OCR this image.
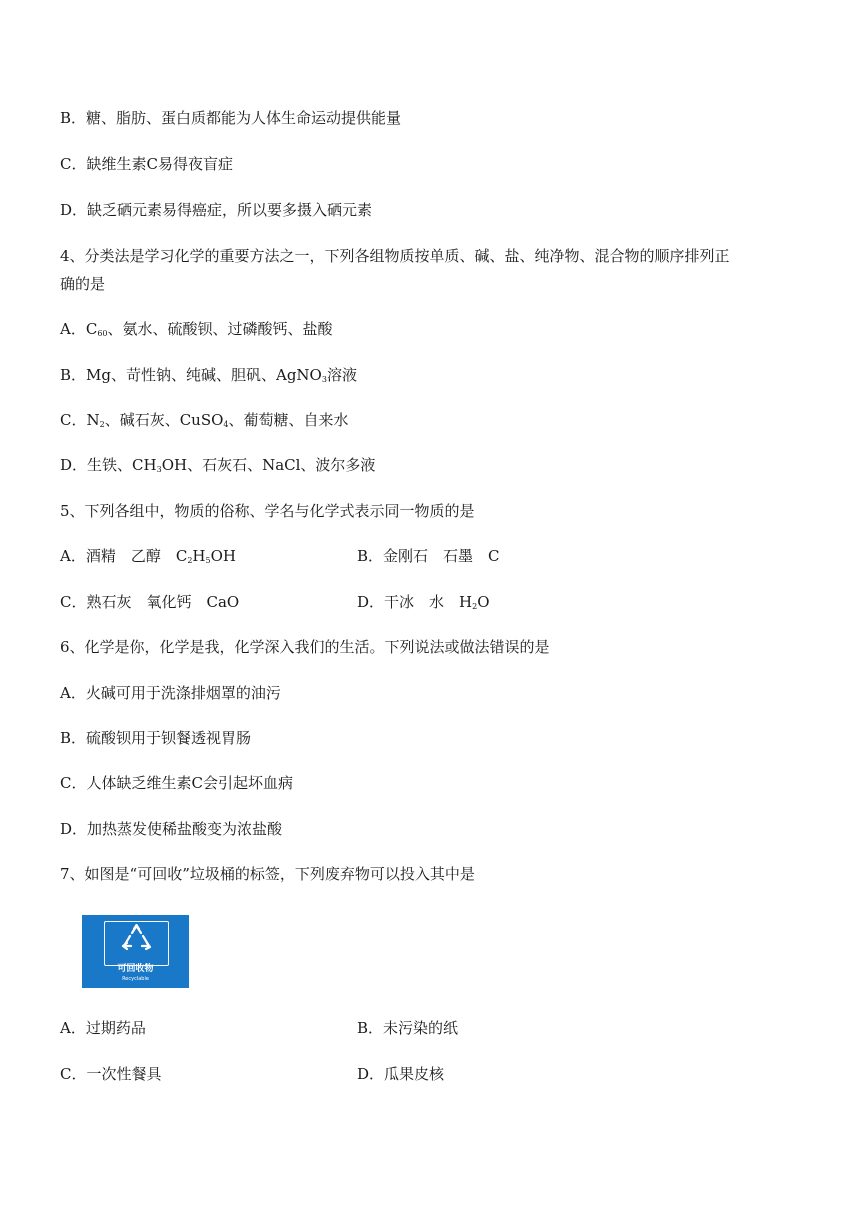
B．糖、脂肪、蛋白质都能为人体生命运动提供能量
C．缺维生素C易得夜盲症
D．缺乏硒元素易得癌症，所以要多摄入硒元素
4、分类法是学习化学的重要方法之一，下列各组物质按单质、碱、盐、纯净物、混合物的顺序排列正
确的是
A．$C_{60}$、氨水、硫酸钡、过磷酸钙、盐酸
B．Mg、苛性钠、纯碱、胆矾、AgNO$_3$溶液
C．$N_2$、碱石灰、CuSO$_4$、葡萄糖、自来水
D．生铁、$CH_3OH$、石灰石、NaCl、波尔多液
5、下列各组中，物质的俗称、学名与化学式表示同一物质的是
A．酒精　乙醇　$C_2H_5OH$	B．金刚石　石墨　C
C．熟石灰　氧化钙　CaO	D．干冰　水　$H_2O$
6、化学是你，化学是我，化学深入我们的生活。下列说法或做法错误的是
A．火碱可用于洗涤排烟罩的油污
B．硫酸钡用于钡餐透视胃肠
C．人体缺乏维生素C会引起坏血病
D．加热蒸发使稀盐酸变为浓盐酸
7、如图是“可回收”垃圾桶的标签，下列废弃物可以投入其中是
可回收物
Recyclable
A．过期药品	B．未污染的纸
C．一次性餐具	D．瓜果皮核
